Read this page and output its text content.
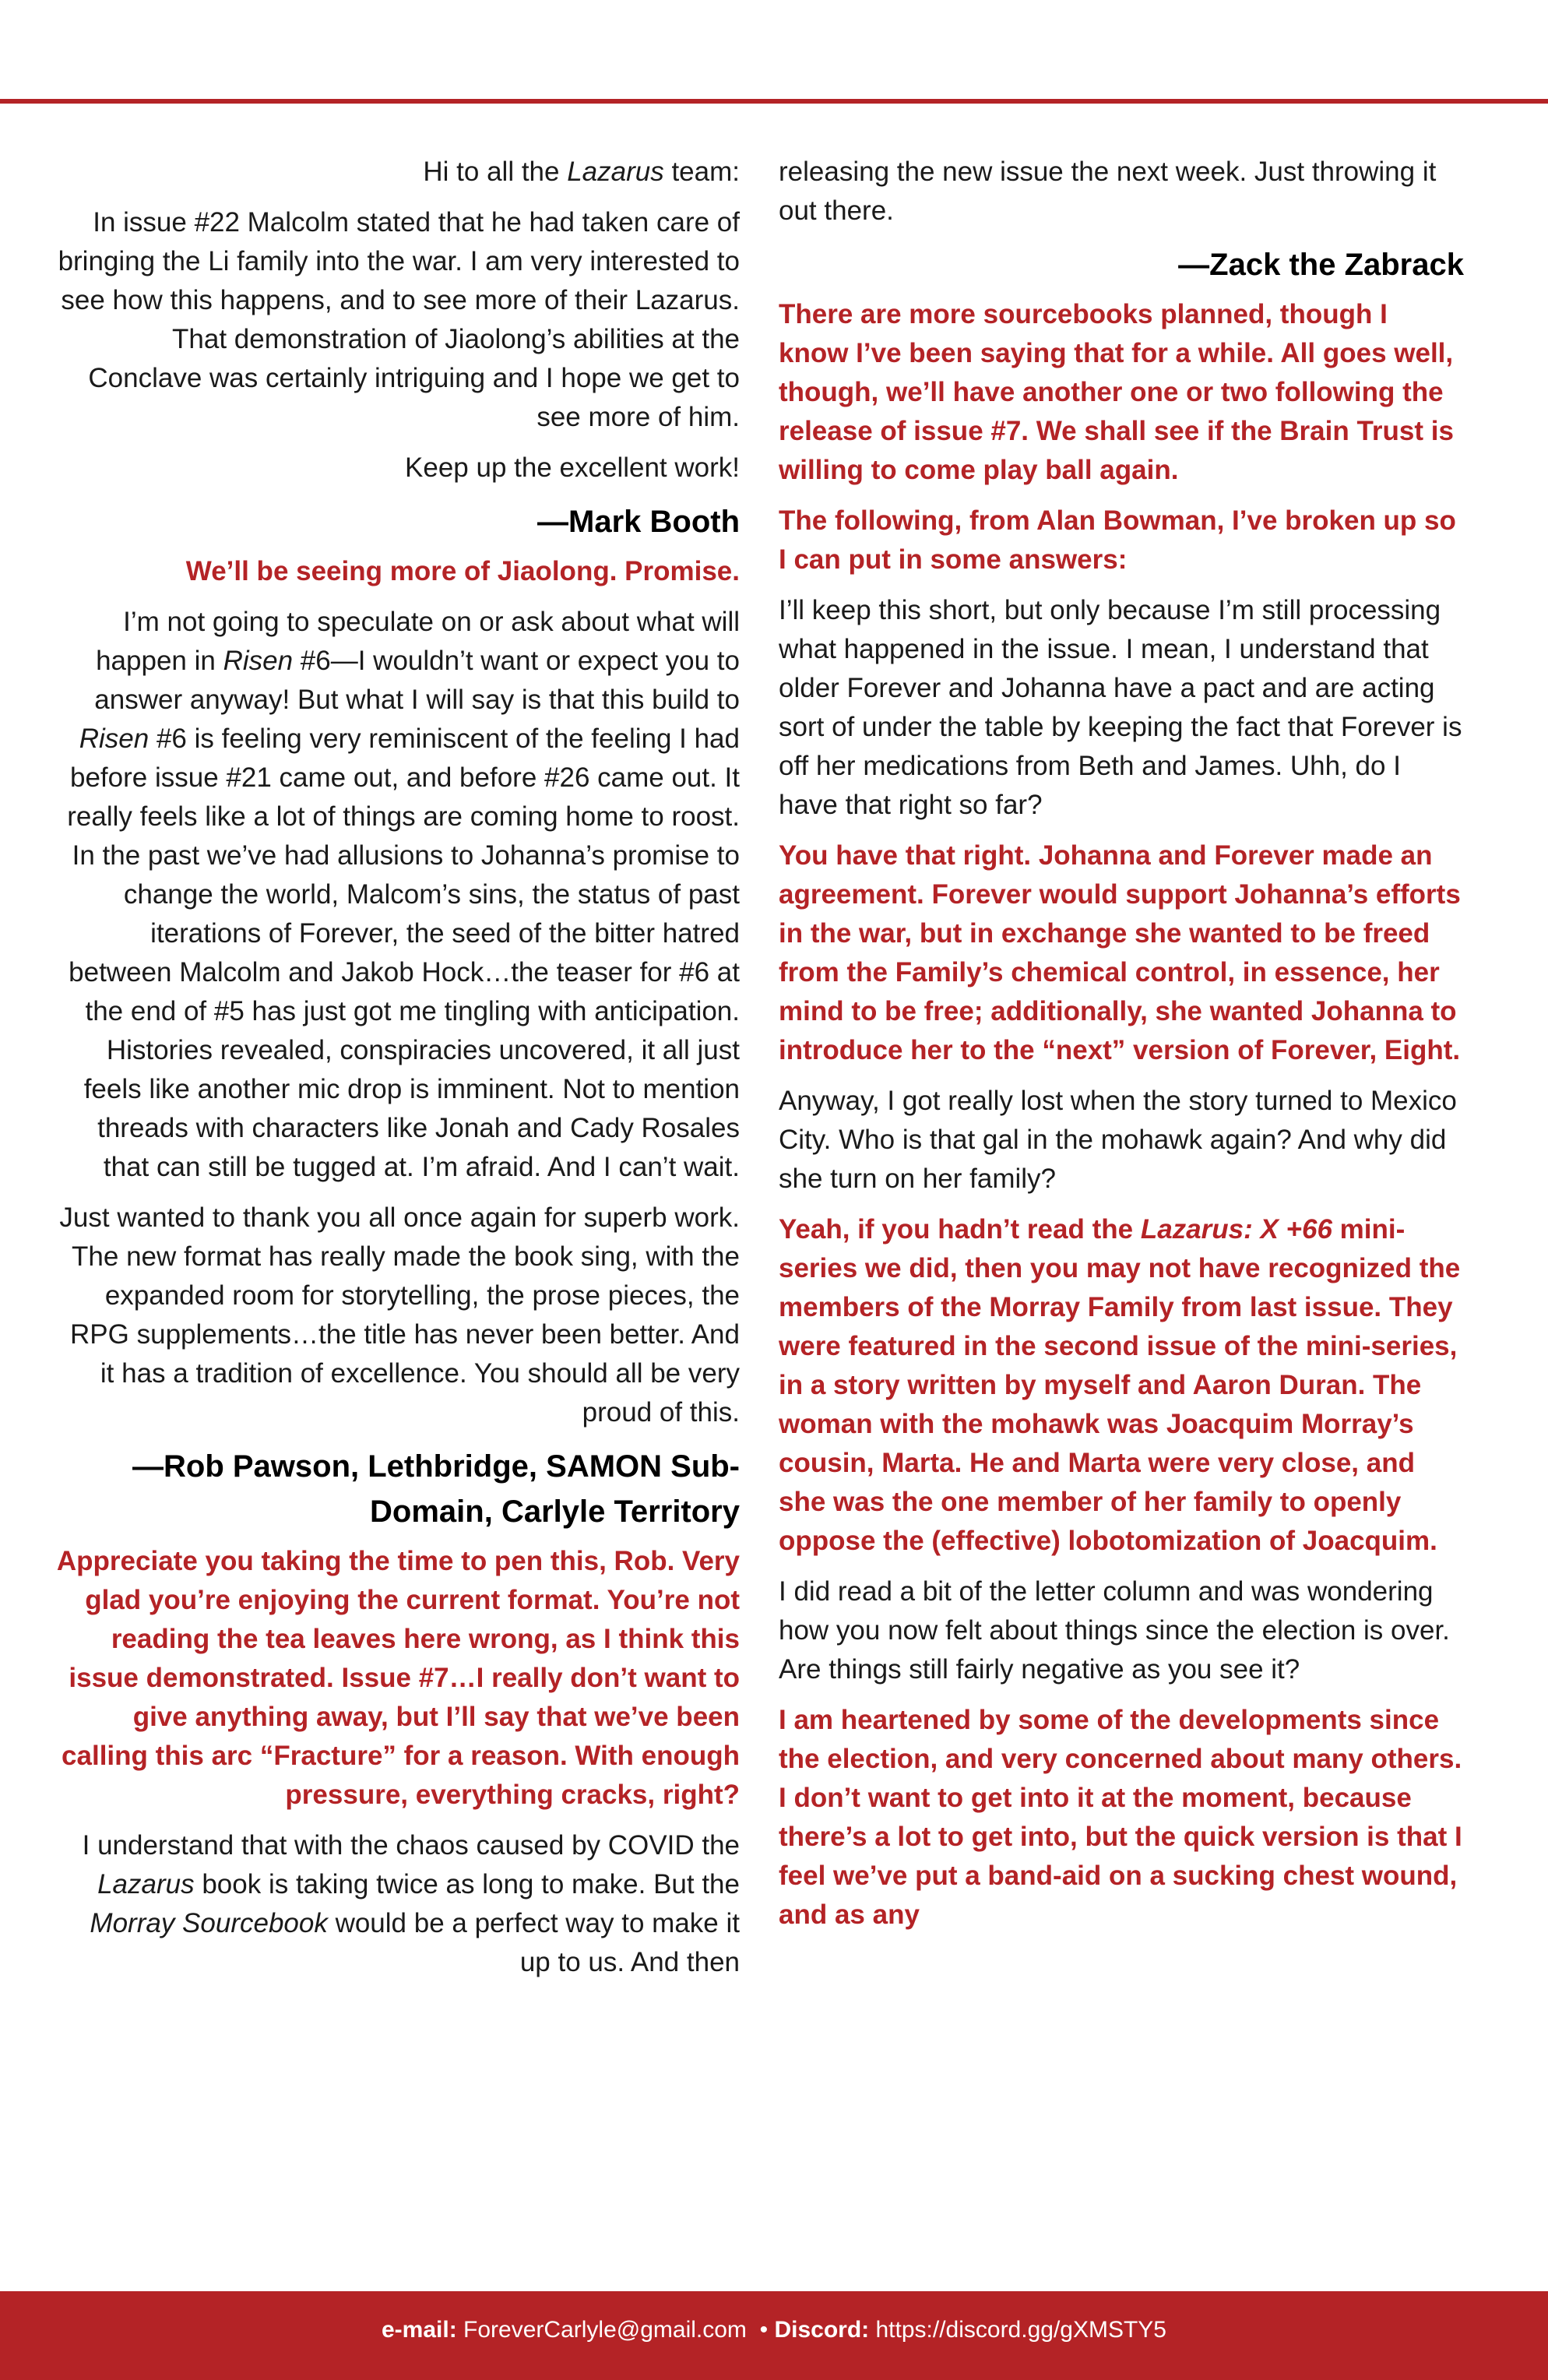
Hi to all the Lazarus team:

In issue #22 Malcolm stated that he had taken care of bringing the Li family into the war. I am very interested to see how this happens, and to see more of their Lazarus. That demonstration of Jiaolong’s abilities at the Conclave was certainly intriguing and I hope we get to see more of him.

Keep up the excellent work!

—Mark Booth

We’ll be seeing more of Jiaolong. Promise.

I’m not going to speculate on or ask about what will happen in Risen #6—I wouldn’t want or expect you to answer anyway! But what I will say is that this build to Risen #6 is feeling very reminiscent of the feeling I had before issue #21 came out, and before #26 came out. It really feels like a lot of things are coming home to roost. In the past we’ve had allusions to Johanna’s promise to change the world, Malcom’s sins, the status of past iterations of Forever, the seed of the bitter hatred between Malcolm and Jakob Hock…the teaser for #6 at the end of #5 has just got me tingling with anticipation. Histories revealed, conspiracies uncovered, it all just feels like another mic drop is imminent. Not to mention threads with characters like Jonah and Cady Rosales that can still be tugged at. I’m afraid. And I can’t wait.

Just wanted to thank you all once again for superb work. The new format has really made the book sing, with the expanded room for storytelling, the prose pieces, the RPG supplements…the title has never been better. And it has a tradition of excellence. You should all be very proud of this.

—Rob Pawson, Lethbridge, SAMON Sub-Domain, Carlyle Territory

Appreciate you taking the time to pen this, Rob. Very glad you’re enjoying the current format. You’re not reading the tea leaves here wrong, as I think this issue demonstrated. Issue #7…I really don’t want to give anything away, but I’ll say that we’ve been calling this arc “Fracture” for a reason. With enough pressure, everything cracks, right?

I understand that with the chaos caused by COVID the Lazarus book is taking twice as long to make. But the Morray Sourcebook would be a perfect way to make it up to us. And then

releasing the new issue the next week. Just throwing it out there.

—Zack the Zabrack

There are more sourcebooks planned, though I know I’ve been saying that for a while. All goes well, though, we’ll have another one or two following the release of issue #7. We shall see if the Brain Trust is willing to come play ball again.

The following, from Alan Bowman, I’ve broken up so I can put in some answers:

I’ll keep this short, but only because I’m still processing what happened in the issue. I mean, I understand that older Forever and Johanna have a pact and are acting sort of under the table by keeping the fact that Forever is off her medications from Beth and James. Uhh, do I have that right so far?

You have that right. Johanna and Forever made an agreement. Forever would support Johanna’s efforts in the war, but in exchange she wanted to be freed from the Family’s chemical control, in essence, her mind to be free; additionally, she wanted Johanna to introduce her to the “next” version of Forever, Eight.

Anyway, I got really lost when the story turned to Mexico City. Who is that gal in the mohawk again? And why did she turn on her family?

Yeah, if you hadn’t read the Lazarus: X +66 mini-series we did, then you may not have recognized the members of the Morray Family from last issue. They were featured in the second issue of the mini-series, in a story written by myself and Aaron Duran. The woman with the mohawk was Joacquim Morray’s cousin, Marta. He and Marta were very close, and she was the one member of her family to openly oppose the (effective) lobotomization of Joacquim.

I did read a bit of the letter column and was wondering how you now felt about things since the election is over. Are things still fairly negative as you see it?

I am heartened by some of the developments since the election, and very concerned about many others. I don’t want to get into it at the moment, because there’s a lot to get into, but the quick version is that I feel we’ve put a band-aid on a sucking chest wound, and as any

e-mail: ForeverCarlyle@gmail.com • Discord: https://discord.gg/gXMSTY5
